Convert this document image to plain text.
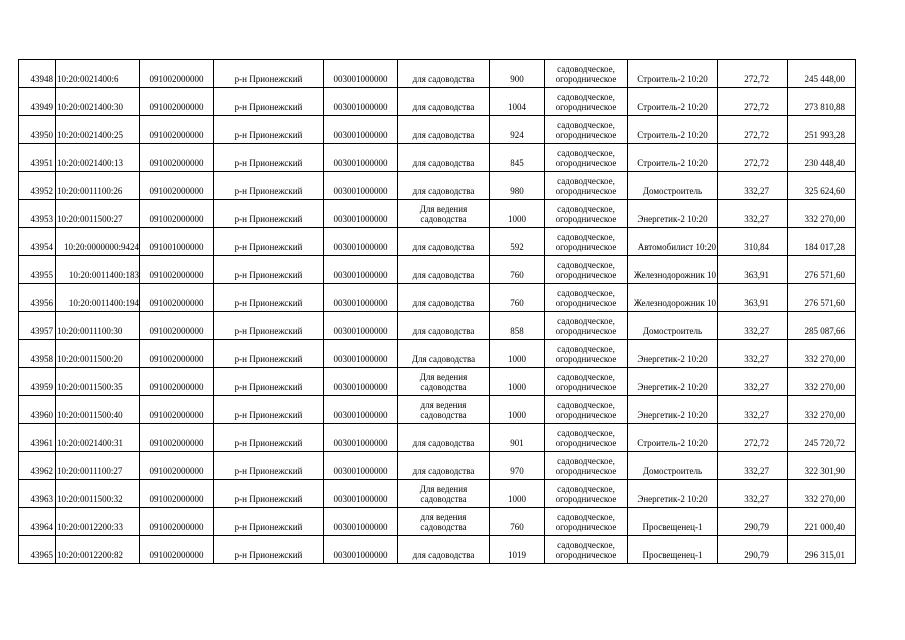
43948	10:20:0021400:6	091002000000	р-н Прионежский	003001000000	для садоводства	900	садоводческое,
огородническое	Строитель-2 10:20	272,72	245 448,00
43949	10:20:0021400:30	091002000000	р-н Прионежский	003001000000	для садоводства	1004	садоводческое,
огородническое	Строитель-2 10:20	272,72	273 810,88
43950	10:20:0021400:25	091002000000	р-н Прионежский	003001000000	для садоводства	924	садоводческое,
огородническое	Строитель-2 10:20	272,72	251 993,28
43951	10:20:0021400:13	091002000000	р-н Прионежский	003001000000	для садоводства	845	садоводческое,
огородническое	Строитель-2 10:20	272,72	230 448,40
43952	10:20:0011100:26	091002000000	р-н Прионежский	003001000000	для садоводства	980	садоводческое,
огородническое	Домостроитель	332,27	325 624,60
43953	10:20:0011500:27	091002000000	р-н Прионежский	003001000000	Для ведения
садоводства	1000	садоводческое,
огородническое	Энергетик-2 10:20	332,27	332 270,00
43954	10:20:0000000:9424	091001000000	р-н Прионежский	003001000000	для садоводства	592	садоводческое,
огородническое	Автомобилист 10:20	310,84	184 017,28
43955	10:20:0011400:183	091002000000	р-н Прионежский	003001000000	для садоводства	760	садоводческое,
огородническое	Железнодорожник 10	363,91	276 571,60
43956	10:20:0011400:194	091002000000	р-н Прионежский	003001000000	для садоводства	760	садоводческое,
огородническое	Железнодорожник 10	363,91	276 571,60
43957	10:20:0011100:30	091002000000	р-н Прионежский	003001000000	для садоводства	858	садоводческое,
огородническое	Домостроитель	332,27	285 087,66
43958	10:20:0011500:20	091002000000	р-н Прионежский	003001000000	Для садоводства	1000	садоводческое,
огородническое	Энергетик-2 10:20	332,27	332 270,00
43959	10:20:0011500:35	091002000000	р-н Прионежский	003001000000	Для ведения
садоводства	1000	садоводческое,
огородническое	Энергетик-2 10:20	332,27	332 270,00
43960	10:20:0011500:40	091002000000	р-н Прионежский	003001000000	для ведения
садоводства	1000	садоводческое,
огородническое	Энергетик-2 10:20	332,27	332 270,00
43961	10:20:0021400:31	091002000000	р-н Прионежский	003001000000	для садоводства	901	садоводческое,
огородническое	Строитель-2 10:20	272,72	245 720,72
43962	10:20:0011100:27	091002000000	р-н Прионежский	003001000000	для садоводства	970	садоводческое,
огородническое	Домостроитель	332,27	322 301,90
43963	10:20:0011500:32	091002000000	р-н Прионежский	003001000000	Для ведения
садоводства	1000	садоводческое,
огородническое	Энергетик-2 10:20	332,27	332 270,00
43964	10:20:0012200:33	091002000000	р-н Прионежский	003001000000	для ведения
садоводства	760	садоводческое,
огородническое	Просвещенец-1	290,79	221 000,40
43965	10:20:0012200:82	091002000000	р-н Прионежский	003001000000	для садоводства	1019	садоводческое,
огородническое	Просвещенец-1	290,79	296 315,01
